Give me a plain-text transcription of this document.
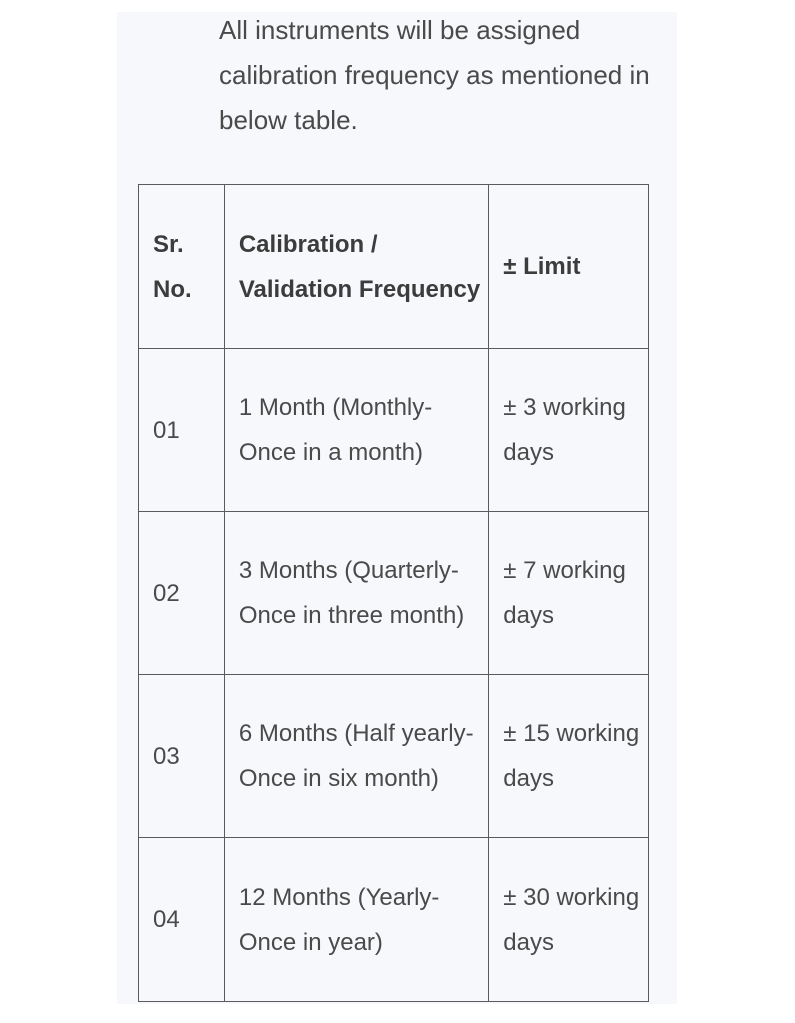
All instruments will be assigned calibration frequency as mentioned in below table.

Sr. No.	Calibration / Validation Frequency	± Limit
01	1 Month (Monthly-Once in a month)	± 3 working days
02	3 Months (Quarterly-Once in three month)	± 7 working days
03	6 Months (Half yearly-Once in six month)	± 15 working days
04	12 Months (Yearly-Once in year)	± 30 working days
